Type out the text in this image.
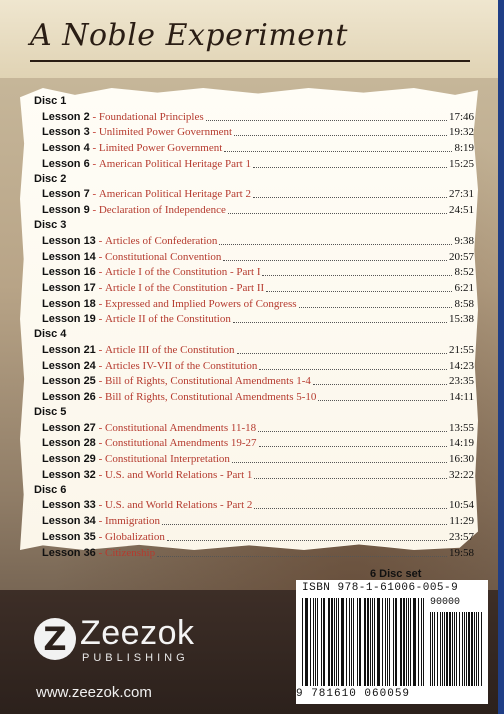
A Noble Experiment
Disc 1
Lesson 2 - Foundational Principles	17:46
Lesson 3 - Unlimited Power Government	19:32
Lesson 4 - Limited Power Government	8:19
Lesson 6 - American Political Heritage Part 1	15:25
Disc 2
Lesson 7 - American Political Heritage Part 2	27:31
Lesson 9 - Declaration of Independence	24:51
Disc 3
Lesson 13 - Articles of Confederation	9:38
Lesson 14 - Constitutional Convention	20:57
Lesson 16 - Article I of the Constitution - Part I	8:52
Lesson 17 - Article I of the Constitution - Part II	6:21
Lesson 18 - Expressed and Implied Powers of Congress	8:58
Lesson 19 - Article II of the Constitution	15:38
Disc 4
Lesson 21 - Article III of the Constitution	21:55
Lesson 24 - Articles IV-VII of the Constitution	14:23
Lesson 25 - Bill of Rights, Constitutional Amendments 1-4	23:35
Lesson 26 - Bill of Rights, Constitutional Amendments 5-10	14:11
Disc 5
Lesson 27 - Constitutional Amendments 11-18	13:55
Lesson 28 - Constitutional Amendments 19-27	14:19
Lesson 29 - Constitutional Interpretation	16:30
Lesson 32 - U.S. and World Relations - Part 1	32:22
Disc 6
Lesson 33 - U.S. and World Relations - Part 2	10:54
Lesson 34 - Immigration	11:29
Lesson 35 - Globalization	23:57
Lesson 36 - Citizenship	19:58
6 Disc set
Z Zeezok
PUBLISHING
www.zeezok.com
ISBN 978-1-61006-005-9
90000
9 781610 060059
